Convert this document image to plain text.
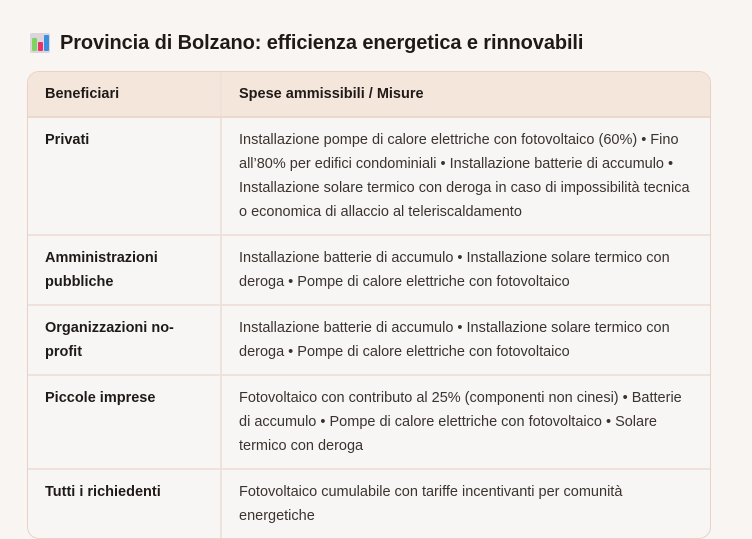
Provincia di Bolzano: efficienza energetica e rinnovabili
Beneficiari	Spese ammissibili / Misure
Privati	Installazione pompe di calore elettriche con fotovoltaico (60%) • Fino all’80% per edifici condominiali • Installazione batterie di accumulo • Installazione solare termico con deroga in caso di impossibilità tecnica o economica di allaccio al teleriscaldamento
Amministrazioni pubbliche	Installazione batterie di accumulo • Installazione solare termico con deroga • Pompe di calore elettriche con fotovoltaico
Organizzazioni no-profit	Installazione batterie di accumulo • Installazione solare termico con deroga • Pompe di calore elettriche con fotovoltaico
Piccole imprese	Fotovoltaico con contributo al 25% (componenti non cinesi) • Batterie di accumulo • Pompe di calore elettriche con fotovoltaico • Solare termico con deroga
Tutti i richiedenti	Fotovoltaico cumulabile con tariffe incentivanti per comunità energetiche
